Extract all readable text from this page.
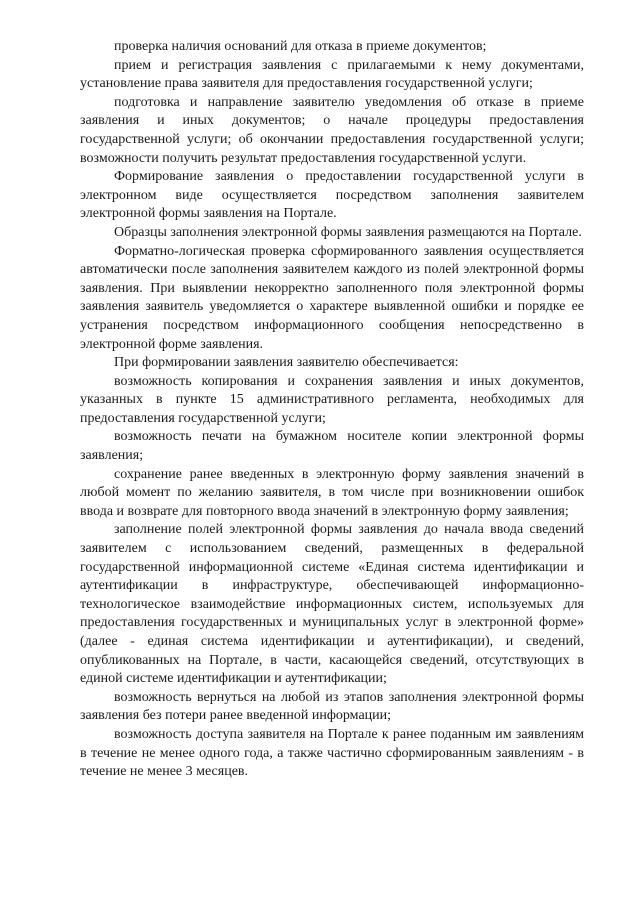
проверка наличия оснований для отказа в приеме документов;

прием и регистрация заявления с прилагаемыми к нему документами, установление права заявителя для предоставления государственной услуги;

подготовка и направление заявителю уведомления об отказе в приеме заявления и иных документов; о начале процедуры предоставления государственной услуги; об окончании предоставления государственной услуги; возможности получить результат предоставления государственной услуги.

Формирование заявления о предоставлении государственной услуги в электронном виде осуществляется посредством заполнения заявителем электронной формы заявления на Портале.

Образцы заполнения электронной формы заявления размещаются на Портале.

Форматно-логическая проверка сформированного заявления осуществляется автоматически после заполнения заявителем каждого из полей электронной формы заявления. При выявлении некорректно заполненного поля электронной формы заявления заявитель уведомляется о характере выявленной ошибки и порядке ее устранения посредством информационного сообщения непосредственно в электронной форме заявления.

При формировании заявления заявителю обеспечивается:

возможность копирования и сохранения заявления и иных документов, указанных в пункте 15 административного регламента, необходимых для предоставления государственной услуги;

возможность печати на бумажном носителе копии электронной формы заявления;

сохранение ранее введенных в электронную форму заявления значений в любой момент по желанию заявителя, в том числе при возникновении ошибок ввода и возврате для повторного ввода значений в электронную форму заявления;

заполнение полей электронной формы заявления до начала ввода сведений заявителем с использованием сведений, размещенных в федеральной государственной информационной системе «Единая система идентификации и аутентификации в инфраструктуре, обеспечивающей информационно-технологическое взаимодействие информационных систем, используемых для предоставления государственных и муниципальных услуг в электронной форме» (далее - единая система идентификации и аутентификации), и сведений, опубликованных на Портале, в части, касающейся сведений, отсутствующих в единой системе идентификации и аутентификации;

возможность вернуться на любой из этапов заполнения электронной формы заявления без потери ранее введенной информации;

возможность доступа заявителя на Портале к ранее поданным им заявлениям в течение не менее одного года, а также частично сформированным заявлениям - в течение не менее 3 месяцев.
